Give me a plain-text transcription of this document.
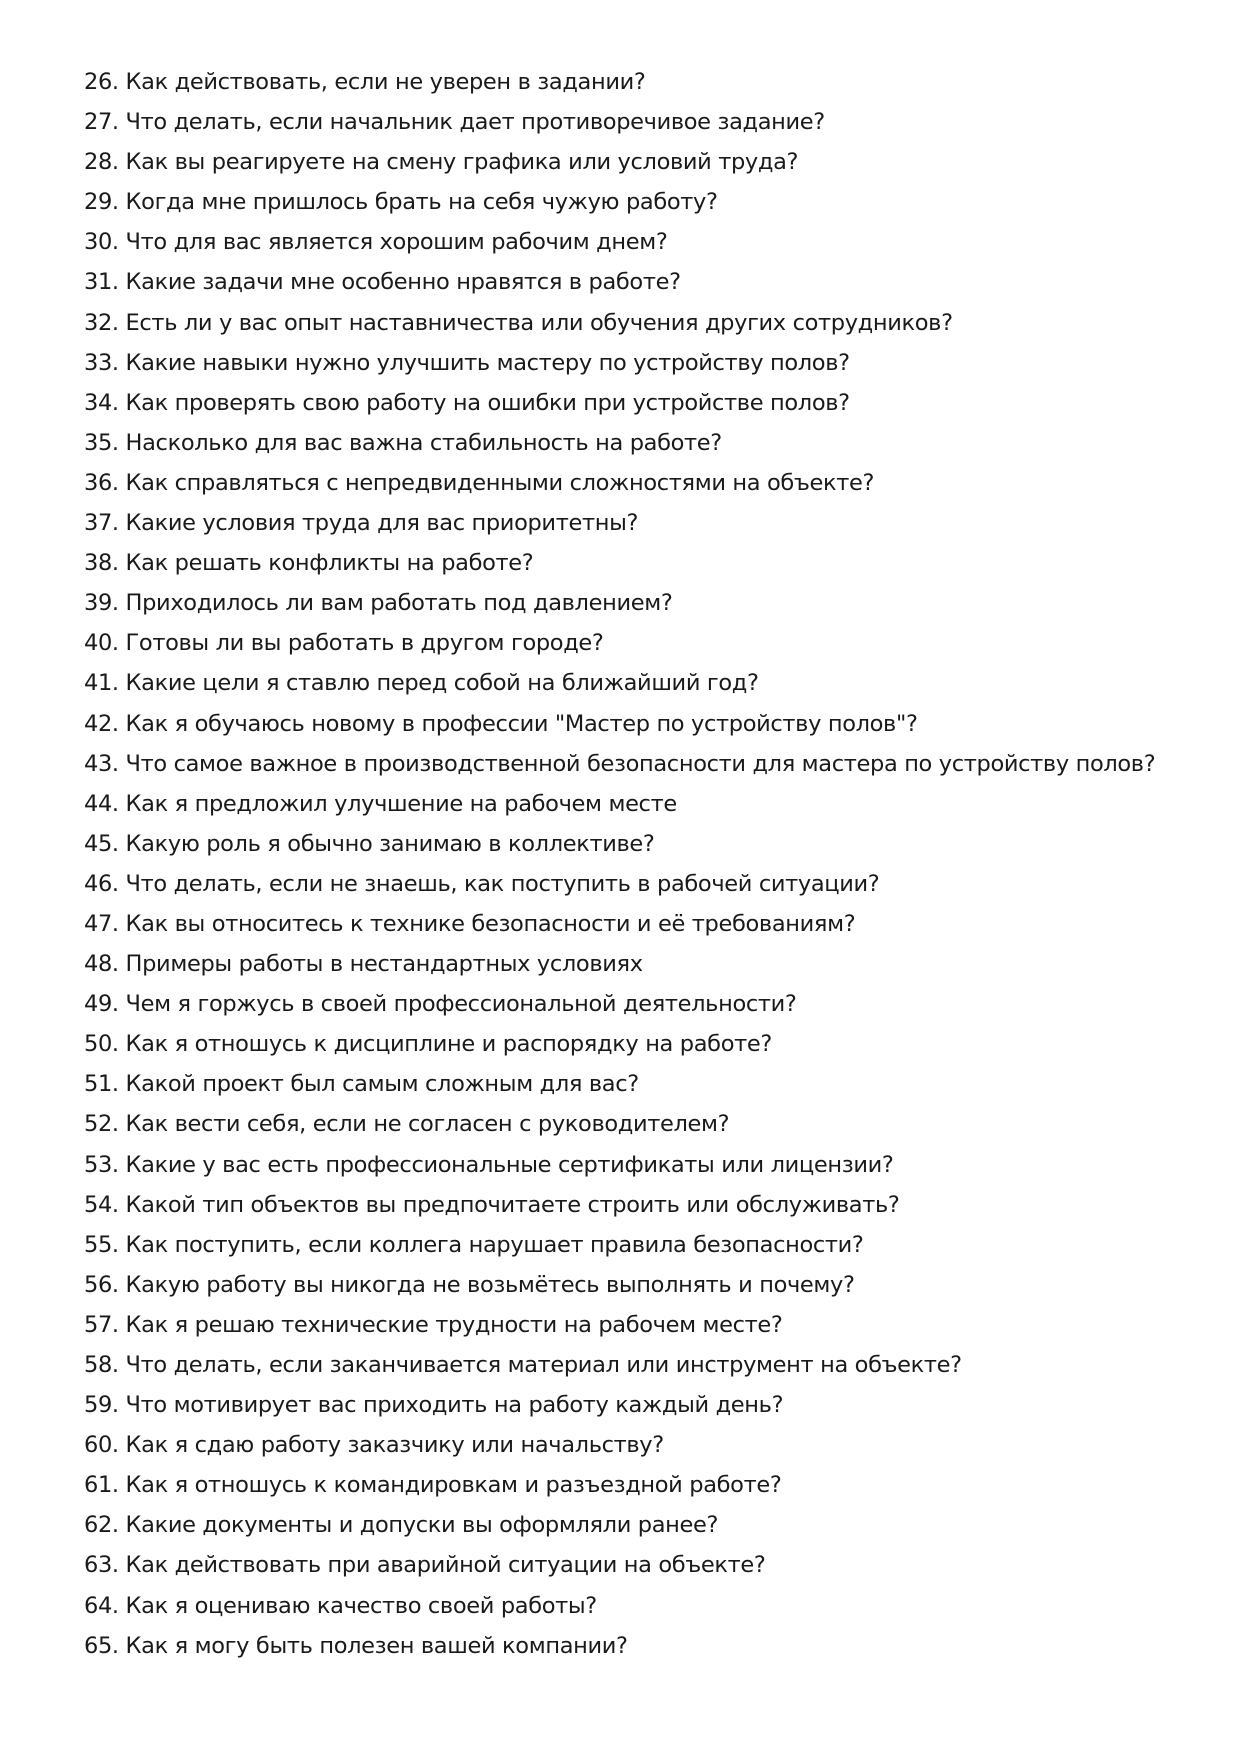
26. Как действовать, если не уверен в задании?
27. Что делать, если начальник дает противоречивое задание?
28. Как вы реагируете на смену графика или условий труда?
29. Когда мне пришлось брать на себя чужую работу?
30. Что для вас является хорошим рабочим днем?
31. Какие задачи мне особенно нравятся в работе?
32. Есть ли у вас опыт наставничества или обучения других сотрудников?
33. Какие навыки нужно улучшить мастеру по устройству полов?
34. Как проверять свою работу на ошибки при устройстве полов?
35. Насколько для вас важна стабильность на работе?
36. Как справляться с непредвиденными сложностями на объекте?
37. Какие условия труда для вас приоритетны?
38. Как решать конфликты на работе?
39. Приходилось ли вам работать под давлением?
40. Готовы ли вы работать в другом городе?
41. Какие цели я ставлю перед собой на ближайший год?
42. Как я обучаюсь новому в профессии "Мастер по устройству полов"?
43. Что самое важное в производственной безопасности для мастера по устройству полов?
44. Как я предложил улучшение на рабочем месте
45. Какую роль я обычно занимаю в коллективе?
46. Что делать, если не знаешь, как поступить в рабочей ситуации?
47. Как вы относитесь к технике безопасности и её требованиям?
48. Примеры работы в нестандартных условиях
49. Чем я горжусь в своей профессиональной деятельности?
50. Как я отношусь к дисциплине и распорядку на работе?
51. Какой проект был самым сложным для вас?
52. Как вести себя, если не согласен с руководителем?
53. Какие у вас есть профессиональные сертификаты или лицензии?
54. Какой тип объектов вы предпочитаете строить или обслуживать?
55. Как поступить, если коллега нарушает правила безопасности?
56. Какую работу вы никогда не возьмётесь выполнять и почему?
57. Как я решаю технические трудности на рабочем месте?
58. Что делать, если заканчивается материал или инструмент на объекте?
59. Что мотивирует вас приходить на работу каждый день?
60. Как я сдаю работу заказчику или начальству?
61. Как я отношусь к командировкам и разъездной работе?
62. Какие документы и допуски вы оформляли ранее?
63. Как действовать при аварийной ситуации на объекте?
64. Как я оцениваю качество своей работы?
65. Как я могу быть полезен вашей компании?
